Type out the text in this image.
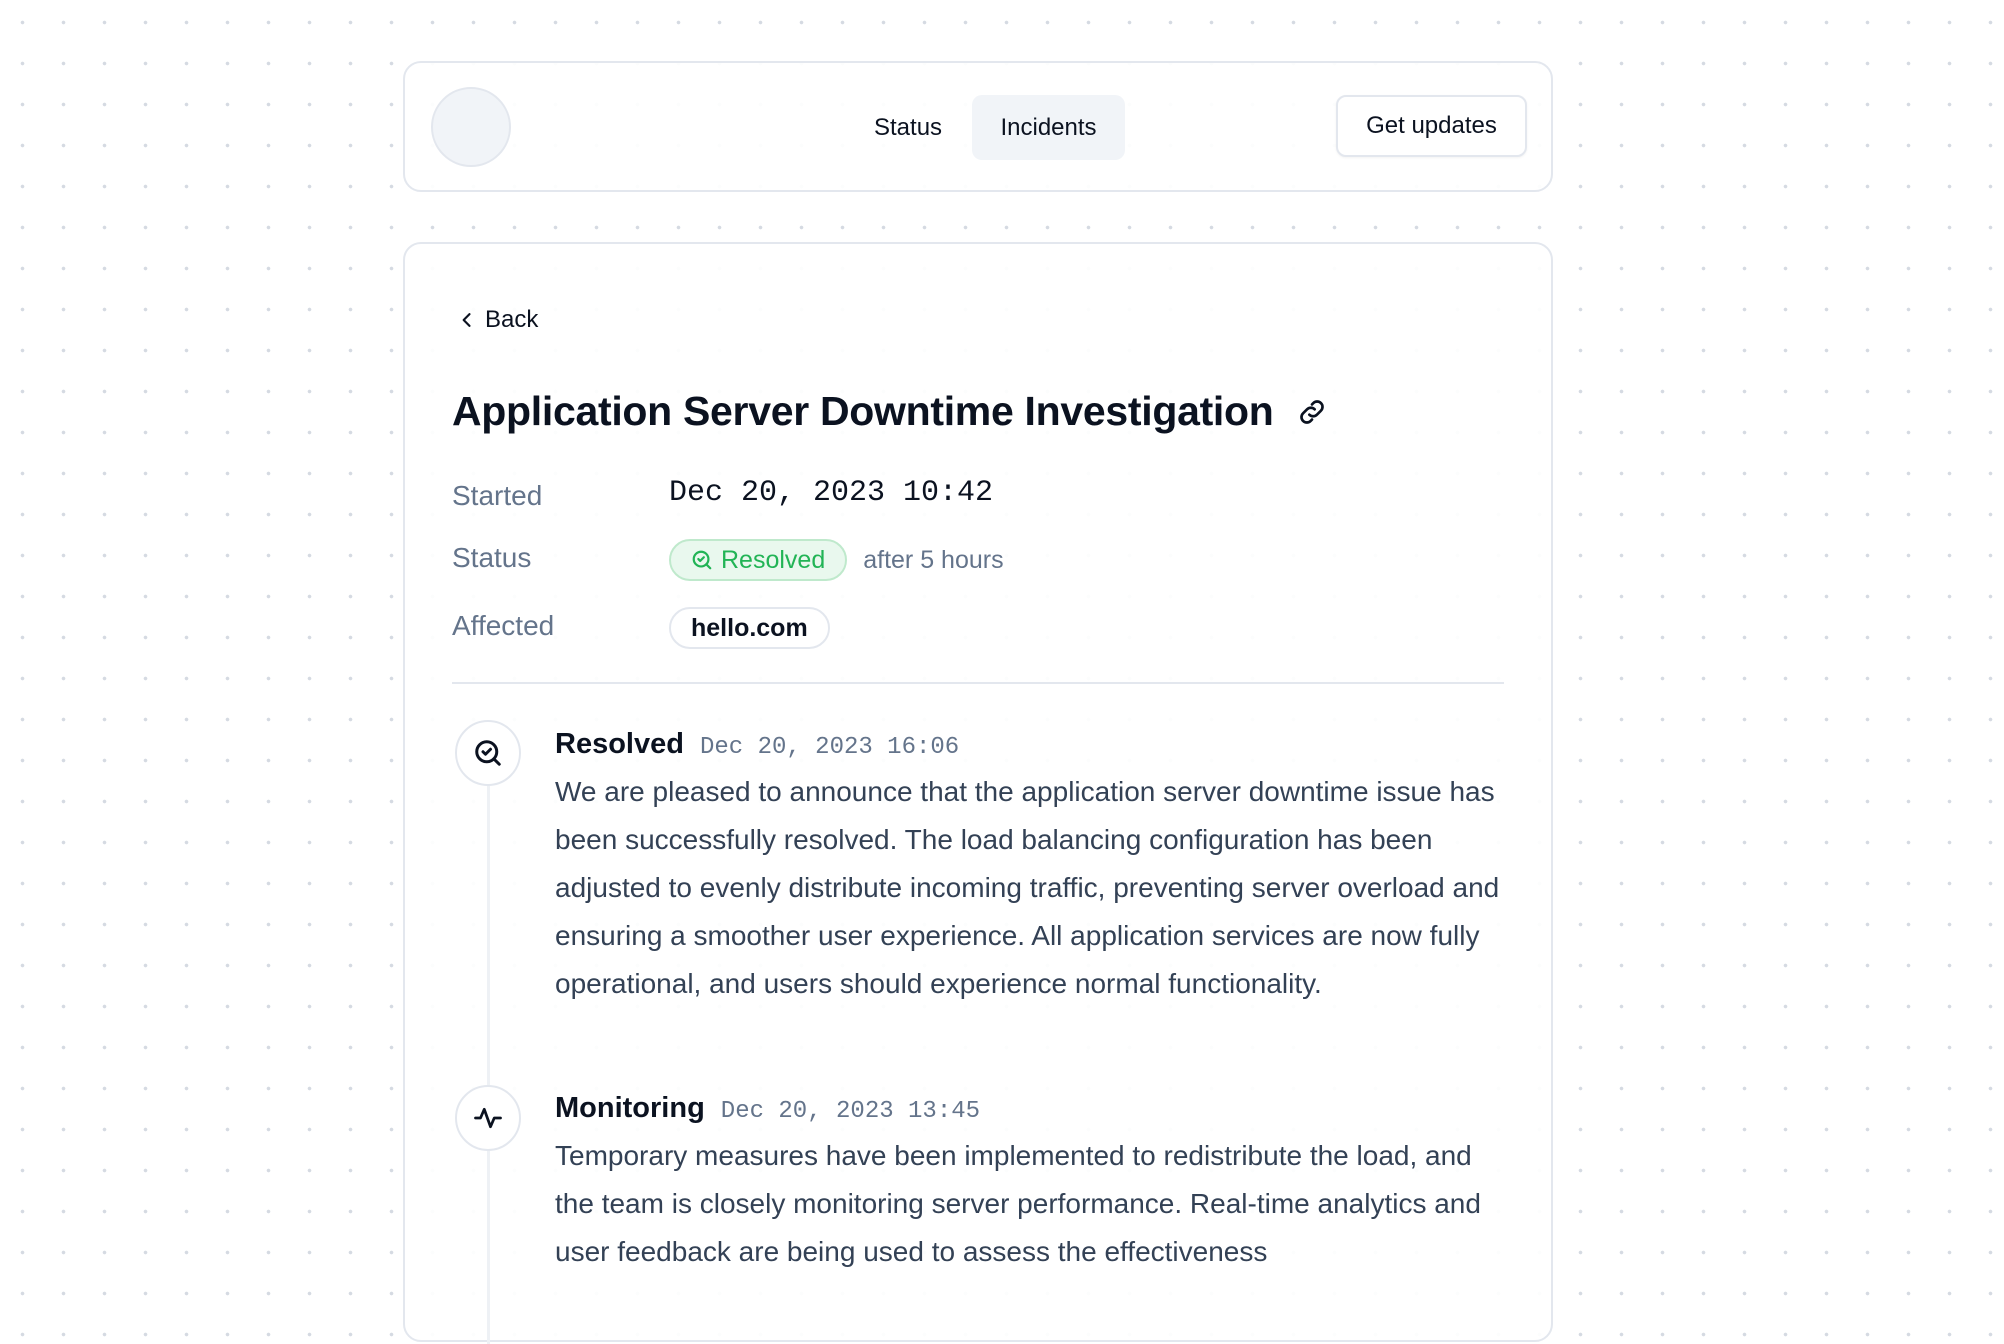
Status	Incidents	Get updates
Back
Application Server Downtime Investigation
Started	Dec 20, 2023 10:42
Status	Resolved after 5 hours
Affected	hello.com
Resolved Dec 20, 2023 16:06
We are pleased to announce that the application server downtime issue has been successfully resolved. The load balancing configuration has been adjusted to evenly distribute incoming traffic, preventing server overload and ensuring a smoother user experience. All application services are now fully operational, and users should experience normal functionality.
Monitoring Dec 20, 2023 13:45
Temporary measures have been implemented to redistribute the load, and the team is closely monitoring server performance. Real-time analytics and user feedback are being used to assess the effectiveness
